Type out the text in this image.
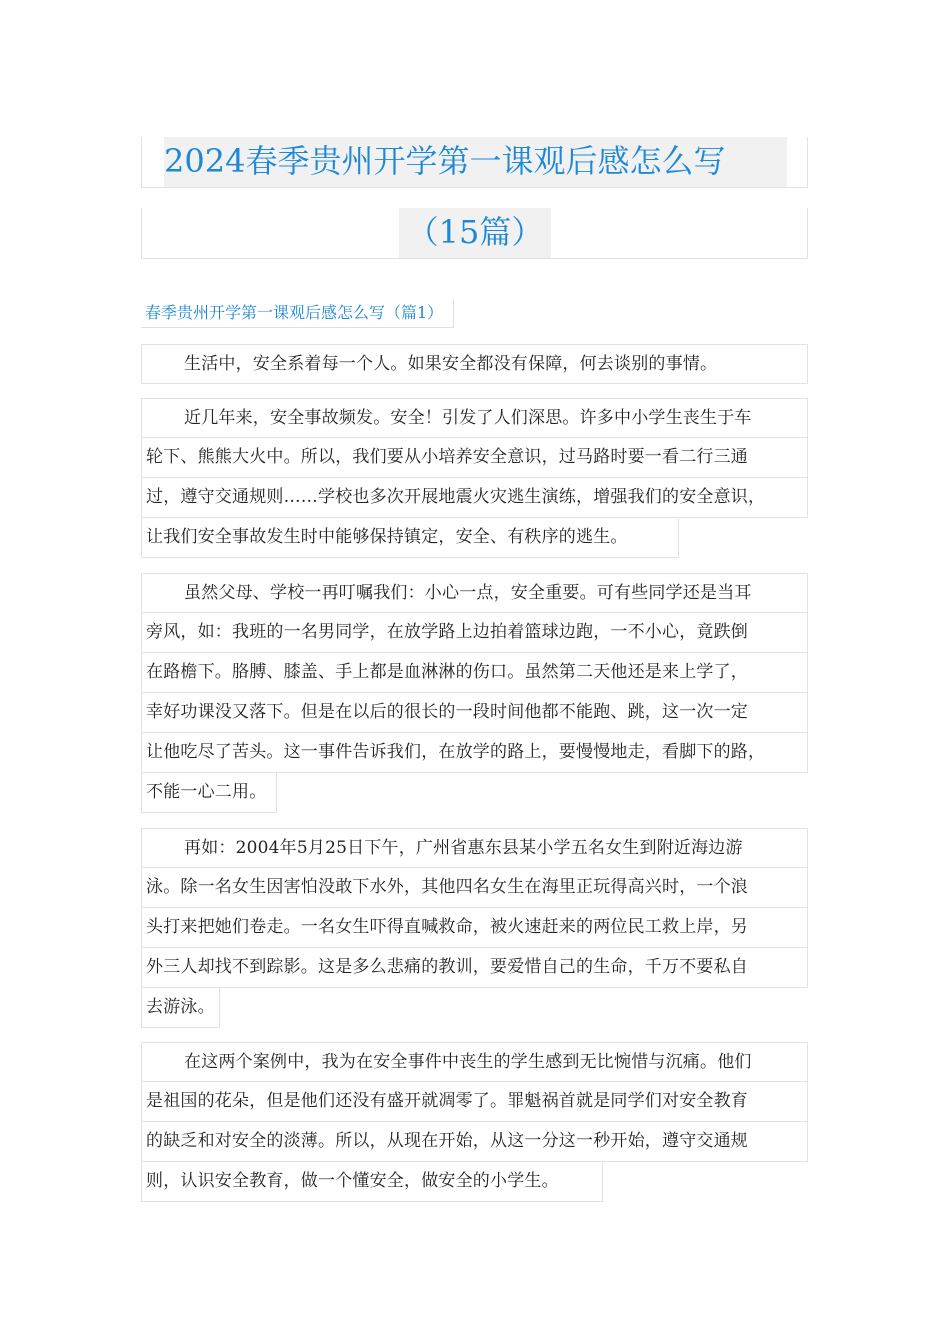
2024春季贵州开学第一课观后感怎么写
（15篇）
春季贵州开学第一课观后感怎么写（篇1）
生活中，安全系着每一个人。如果安全都没有保障，何去谈别的事情。
近几年来，安全事故频发。安全！引发了人们深思。许多中小学生丧生于车
轮下、熊熊大火中。所以，我们要从小培养安全意识，过马路时要一看二行三通
过，遵守交通规则……学校也多次开展地震火灾逃生演练，增强我们的安全意识，
让我们安全事故发生时中能够保持镇定，安全、有秩序的逃生。
虽然父母、学校一再叮嘱我们：小心一点，安全重要。可有些同学还是当耳
旁风，如：我班的一名男同学，在放学路上边拍着篮球边跑，一不小心，竟跌倒
在路檐下。胳膊、膝盖、手上都是血淋淋的伤口。虽然第二天他还是来上学了，
幸好功课没又落下。但是在以后的很长的一段时间他都不能跑、跳，这一次一定
让他吃尽了苦头。这一事件告诉我们，在放学的路上，要慢慢地走，看脚下的路，
不能一心二用。
再如：2004年5月25日下午，广州省惠东县某小学五名女生到附近海边游
泳。除一名女生因害怕没敢下水外，其他四名女生在海里正玩得高兴时，一个浪
头打来把她们卷走。一名女生吓得直喊救命，被火速赶来的两位民工救上岸，另
外三人却找不到踪影。这是多么悲痛的教训，要爱惜自己的生命，千万不要私自
去游泳。
在这两个案例中，我为在安全事件中丧生的学生感到无比惋惜与沉痛。他们
是祖国的花朵，但是他们还没有盛开就凋零了。罪魁祸首就是同学们对安全教育
的缺乏和对安全的淡薄。所以，从现在开始，从这一分这一秒开始，遵守交通规
则，认识安全教育，做一个懂安全，做安全的小学生。
